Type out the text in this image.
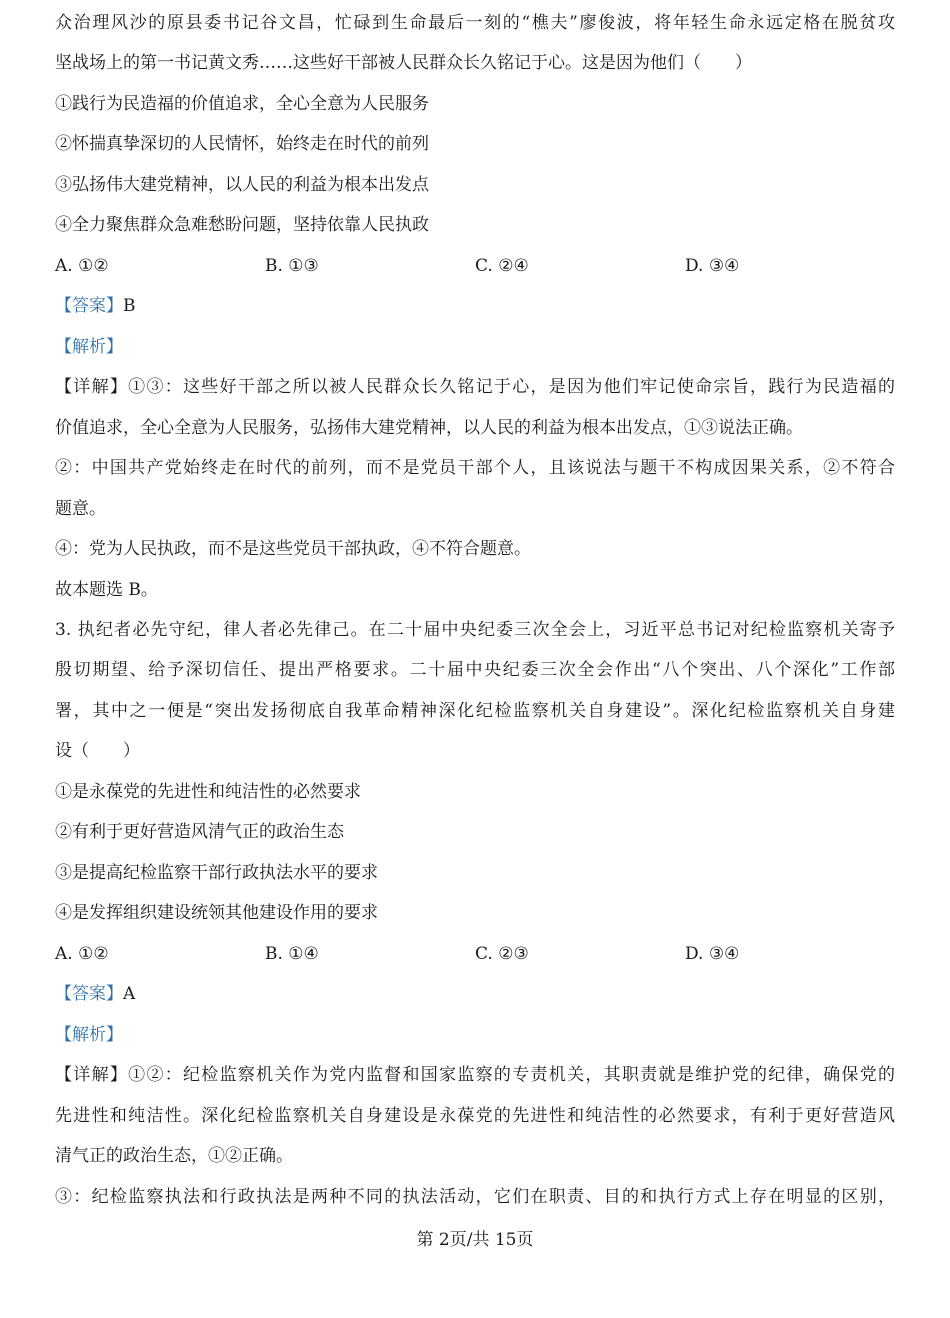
众治理风沙的原县委书记谷文昌，忙碌到生命最后一刻的“樵夫”廖俊波，将年轻生命永远定格在脱贫攻
坚战场上的第一书记黄文秀……这些好干部被人民群众长久铭记于心。这是因为他们（　　）
①践行为民造福的价值追求，全心全意为人民服务
②怀揣真挚深切的人民情怀，始终走在时代的前列
③弘扬伟大建党精神，以人民的利益为根本出发点
④全力聚焦群众急难愁盼问题，坚持依靠人民执政
A. ①②	B. ①③	C. ②④	D. ③④
【答案】B
【解析】
【详解】①③：这些好干部之所以被人民群众长久铭记于心，是因为他们牢记使命宗旨，践行为民造福的
价值追求，全心全意为人民服务，弘扬伟大建党精神，以人民的利益为根本出发点，①③说法正确。
②：中国共产党始终走在时代的前列，而不是党员干部个人，且该说法与题干不构成因果关系，②不符合
题意。
④：党为人民执政，而不是这些党员干部执政，④不符合题意。
故本题选 B。
3. 执纪者必先守纪，律人者必先律己。在二十届中央纪委三次全会上，习近平总书记对纪检监察机关寄予
殷切期望、给予深切信任、提出严格要求。二十届中央纪委三次全会作出“八个突出、八个深化”工作部
署，其中之一便是“突出发扬彻底自我革命精神深化纪检监察机关自身建设”。深化纪检监察机关自身建
设（　　）
①是永葆党的先进性和纯洁性的必然要求
②有利于更好营造风清气正的政治生态
③是提高纪检监察干部行政执法水平的要求
④是发挥组织建设统领其他建设作用的要求
A. ①②	B. ①④	C. ②③	D. ③④
【答案】A
【解析】
【详解】①②：纪检监察机关作为党内监督和国家监察的专责机关，其职责就是维护党的纪律，确保党的
先进性和纯洁性。深化纪检监察机关自身建设是永葆党的先进性和纯洁性的必然要求，有利于更好营造风
清气正的政治生态，①②正确。
③：纪检监察执法和行政执法是两种不同的执法活动，它们在职责、目的和执行方式上存在明显的区别，
第 2页/共 15页
